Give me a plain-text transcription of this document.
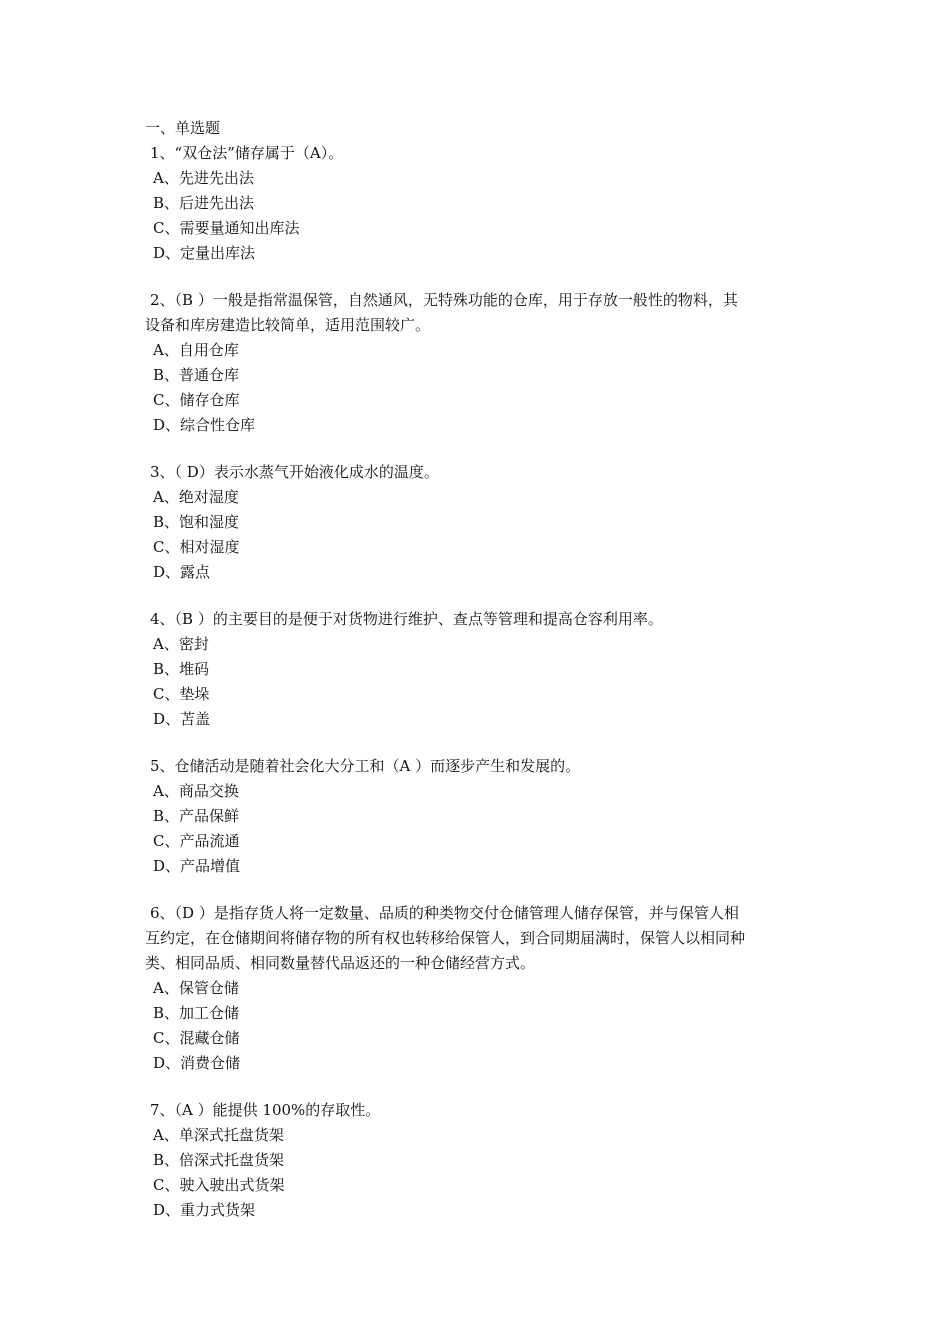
一、单选题

1、“双仓法”储存属于（A）。

A、先进先出法

B、后进先出法

C、需要量通知出库法

D、定量出库法

2、（B ）一般是指常温保管，自然通风，无特殊功能的仓库，用于存放一般性的物料，其
设备和库房建造比较简单，适用范围较广。

A、自用仓库

B、普通仓库

C、储存仓库

D、综合性仓库

3、（ D）表示水蒸气开始液化成水的温度。

A、绝对湿度

B、饱和湿度

C、相对湿度

D、露点

4、（B ）的主要目的是便于对货物进行维护、查点等管理和提高仓容利用率。

A、密封

B、堆码

C、垫垛

D、苫盖

5、仓储活动是随着社会化大分工和（A ）而逐步产生和发展的。

A、商品交换

B、产品保鲜

C、产品流通

D、产品增值

6、（D ）是指存货人将一定数量、品质的种类物交付仓储管理人储存保管，并与保管人相
互约定，在仓储期间将储存物的所有权也转移给保管人，到合同期届满时，保管人以相同种
类、相同品质、相同数量替代品返还的一种仓储经营方式。

A、保管仓储

B、加工仓储

C、混藏仓储

D、消费仓储

7、（A ）能提供 100%的存取性。

A、单深式托盘货架

B、倍深式托盘货架

C、驶入驶出式货架

D、重力式货架
